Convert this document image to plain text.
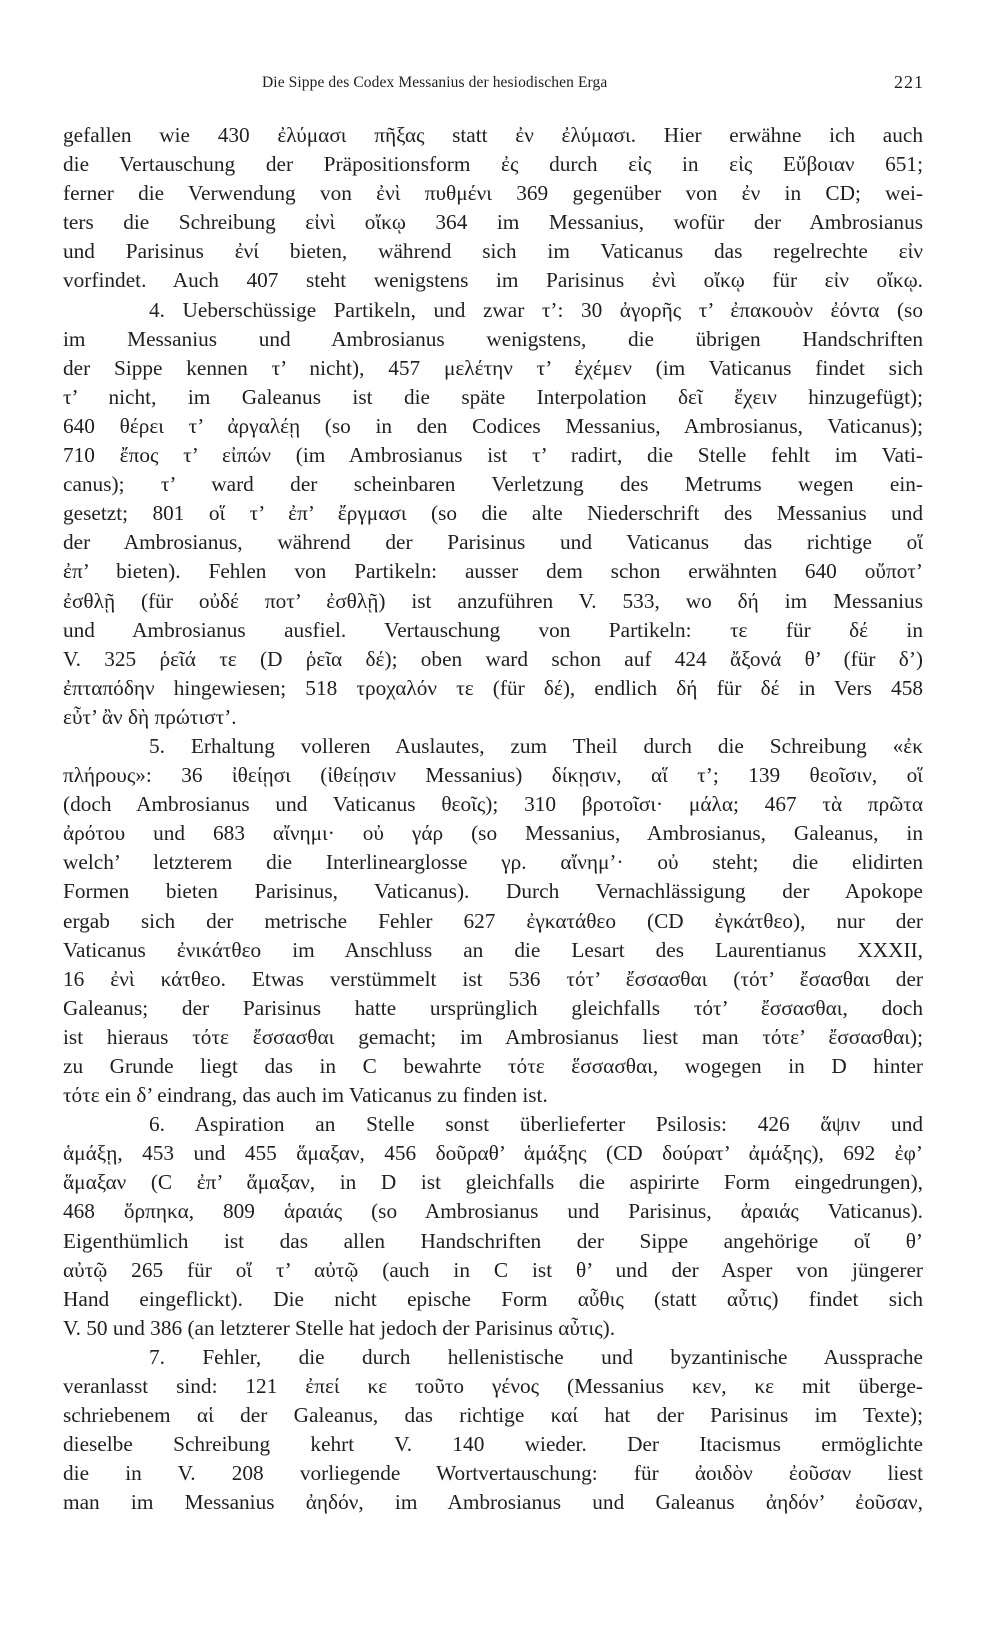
Die Sippe des Codex Messanius der hesiodischen Erga	221
gefallen wie 430 ἐλύμασι πῆξας statt ἐν ἐλύμασι. Hier erwähne ich auch
die Vertauschung der Präpositionsform ἐς durch εἰς in εἰς Εὔβοιαν 651;
ferner die Verwendung von ἐνὶ πυθμένι 369 gegenüber von ἐν in CD; wei-
ters die Schreibung εἰνὶ οἴκῳ 364 im Messanius, wofür der Ambrosianus
und Parisinus ἐνί bieten, während sich im Vaticanus das regelrechte εἰν
vorfindet. Auch 407 steht wenigstens im Parisinus ἐνὶ οἴκῳ für εἰν οἴκῳ.
4. Ueberschüssige Partikeln, und zwar τ’: 30 ἀγορῆς τ’ ἐπακουὸν ἐόντα (so
im Messanius und Ambrosianus wenigstens, die übrigen Handschriften
der Sippe kennen τ’ nicht), 457 μελέτην τ’ ἐχέμεν (im Vaticanus findet sich
τ’ nicht, im Galeanus ist die späte Interpolation δεῖ ἔχειν hinzugefügt);
640 θέρει τ’ ἀργαλέῃ (so in den Codices Messanius, Ambrosianus, Vaticanus);
710 ἔπος τ’ εἰπών (im Ambrosianus ist τ’ radirt, die Stelle fehlt im Vati-
canus); τ’ ward der scheinbaren Verletzung des Metrums wegen ein-
gesetzt; 801 οἵ τ’ ἐπ’ ἔργμασι (so die alte Niederschrift des Messanius und
der Ambrosianus, während der Parisinus und Vaticanus das richtige οἵ
ἐπ’ bieten). Fehlen von Partikeln: ausser dem schon erwähnten 640 οὔποτ’
ἐσθλῇ (für οὐδέ ποτ’ ἐσθλῇ) ist anzuführen V. 533, wo δή im Messanius
und Ambrosianus ausfiel. Vertauschung von Partikeln: τε für δέ in
V. 325 ῥεῖά τε (D ῥεῖα δέ); oben ward schon auf 424 ἄξονά θ’ (für δ’)
ἐπταπόδην hingewiesen; 518 τροχαλόν τε (für δέ), endlich δή für δέ in Vers 458
εὖτ’ ἂν δὴ πρώτιστ’.
5. Erhaltung volleren Auslautes, zum Theil durch die Schreibung «ἐκ
πλήρους»: 36 ἰθείῃσι (ἰθείῃσιν Messanius) δίκῃσιν, αἵ τ’; 139 θεοῖσιν, οἵ
(doch Ambrosianus und Vaticanus θεοῖς); 310 βροτοῖσι· μάλα; 467 τὰ πρῶτα
ἀρότου und 683 αἴνημι· οὐ γάρ (so Messanius, Ambrosianus, Galeanus, in
welch’ letzterem die Interlinearglosse γρ. αἴνημ’· οὐ steht; die elidirten
Formen bieten Parisinus, Vaticanus). Durch Vernachlässigung der Apokope
ergab sich der metrische Fehler 627 ἐγκατάθεο (CD ἐγκάτθεο), nur der
Vaticanus ἐνικάτθεο im Anschluss an die Lesart des Laurentianus XXXII,
16 ἐνὶ κάτθεο. Etwas verstümmelt ist 536 τότ’ ἔσσασθαι (τότ’ ἔσασθαι der
Galeanus; der Parisinus hatte ursprünglich gleichfalls τότ’ ἔσσασθαι, doch
ist hieraus τότε ἔσσασθαι gemacht; im Ambrosianus liest man τότε’ ἔσσασθαι);
zu Grunde liegt das in C bewahrte τότε ἕσσασθαι, wogegen in D hinter
τότε ein δ’ eindrang, das auch im Vaticanus zu finden ist.
6. Aspiration an Stelle sonst überlieferter Psilosis: 426 ἅψιν und
ἁμάξῃ, 453 und 455 ἅμαξαν, 456 δοῦραθ’ ἁμάξης (CD δούρατ’ ἀμάξης), 692 ἐφ’
ἅμαξαν (C ἐπ’ ἅμαξαν, in D ist gleichfalls die aspirirte Form eingedrungen),
468 ὅρπηκα, 809 ἁραιάς (so Ambrosianus und Parisinus, ἀραιάς Vaticanus).
Eigenthümlich ist das allen Handschriften der Sippe angehörige οἵ θ’
αὐτῷ 265 für οἵ τ’ αὐτῷ (auch in C ist θ’ und der Asper von jüngerer
Hand eingeflickt). Die nicht epische Form αὖθις (statt αὖτις) findet sich
V. 50 und 386 (an letzterer Stelle hat jedoch der Parisinus αὖτις).
7. Fehler, die durch hellenistische und byzantinische Aussprache
veranlasst sind: 121 ἐπεί κε τοῦτο γένος (Messanius κεν, κε mit überge-
schriebenem αἱ der Galeanus, das richtige καί hat der Parisinus im Texte);
dieselbe Schreibung kehrt V. 140 wieder. Der Itacismus ermöglichte
die in V. 208 vorliegende Wortvertauschung: für ἀοιδὸν ἐοῦσαν liest
man im Messanius ἀηδόν, im Ambrosianus und Galeanus ἀηδόν’ ἐοῦσαν,
